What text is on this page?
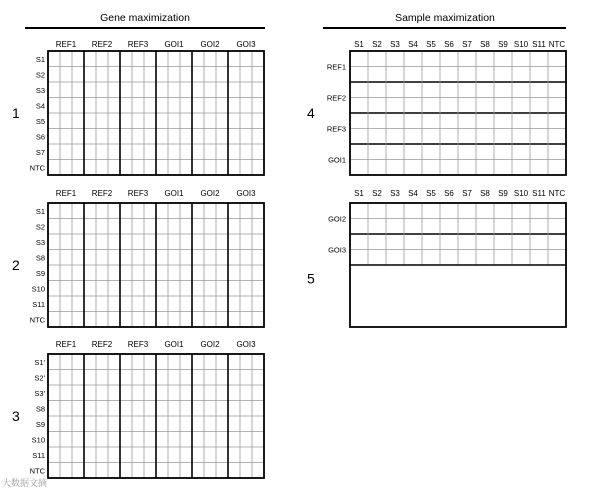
Gene maximization	Sample maximization
1
REF1 REF2 REF3 GOI1 GOI2 GOI3
S1
S2
S3
S4
S5
S6
S7
NTC
2
REF1 REF2 REF3 GOI1 GOI2 GOI3
S1
S2
S3
S8
S9
S10
S11
NTC
3
REF1 REF2 REF3 GOI1 GOI2 GOI3
S1'
S2'
S3'
S8
S9
S10
S11
NTC
4
S1 S2 S3 S4 S5 S6 S7 S8 S9 S10 S11 NTC
REF1
REF2
REF3
GOI1
5
S1 S2 S3 S4 S5 S6 S7 S8 S9 S10 S11 NTC
GOI2
GOI3
大数据文摘
